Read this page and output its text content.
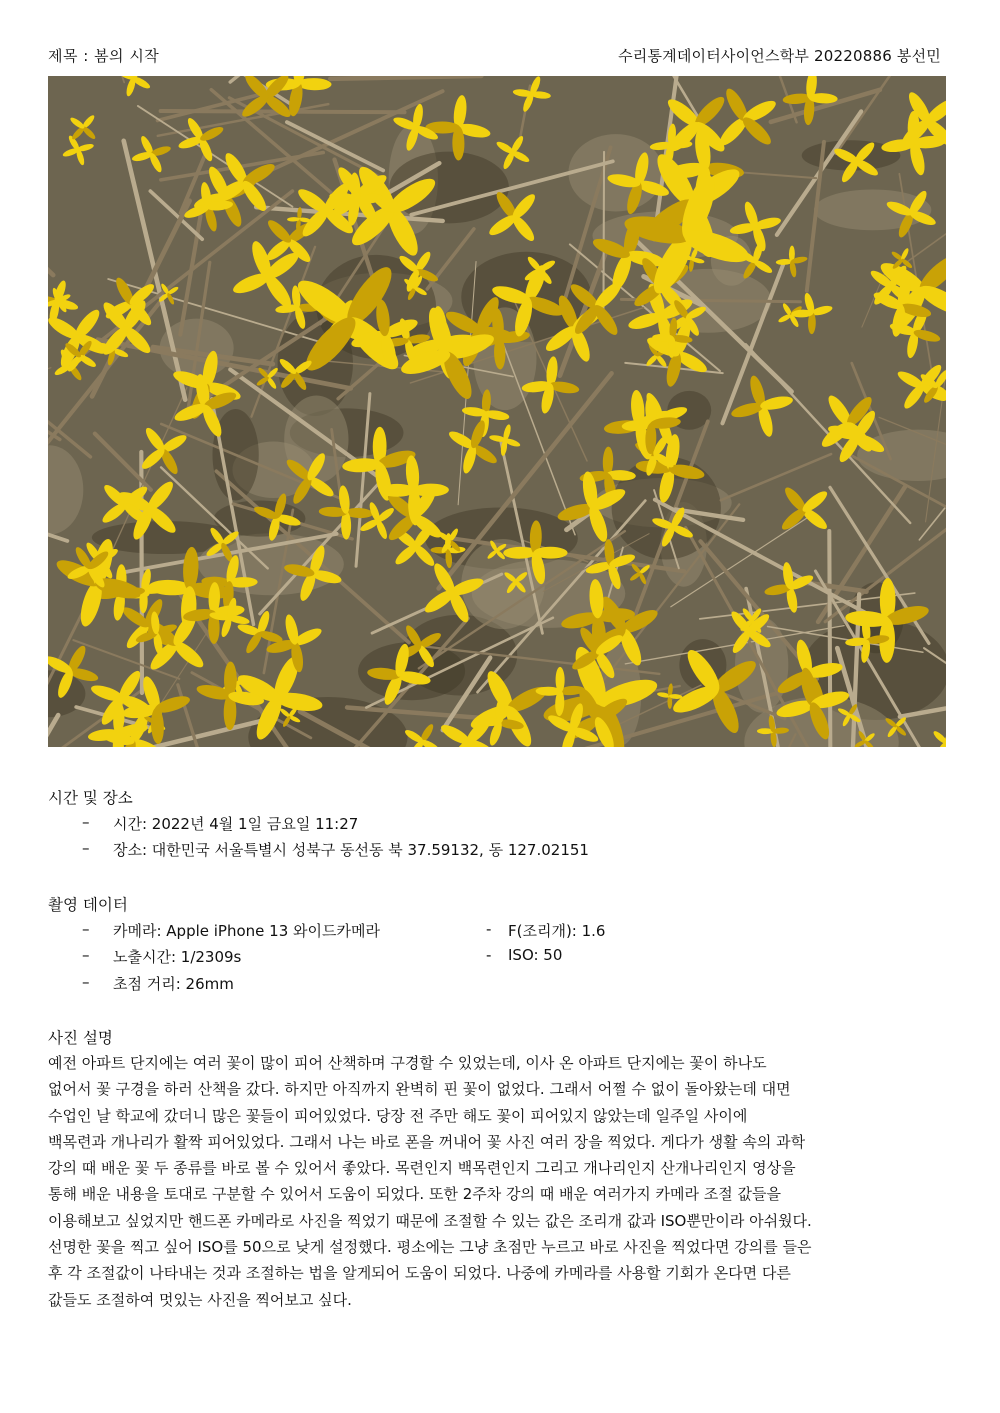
제목 : 봄의 시작	수리통계데이터사이언스학부 20220886 봉선민
시간 및 장소
– 시간: 2022년 4월 1일 금요일 11:27
– 장소: 대한민국 서울특별시 성북구 동선동 북 37.59132, 동 127.02151
촬영 데이터
– 카메라: Apple iPhone 13 와이드카메라
– 노출시간: 1/2309s
– 초점 거리: 26mm
- F(조리개): 1.6
- ISO: 50
사진 설명
예전 아파트 단지에는 여러 꽃이 많이 피어 산책하며 구경할 수 있었는데, 이사 온 아파트 단지에는 꽃이 하나도
없어서 꽃 구경을 하러 산책을 갔다. 하지만 아직까지 완벽히 핀 꽃이 없었다. 그래서 어쩔 수 없이 돌아왔는데 대면
수업인 날 학교에 갔더니 많은 꽃들이 피어있었다. 당장 전 주만 해도 꽃이 피어있지 않았는데 일주일 사이에
백목련과 개나리가 활짝 피어있었다. 그래서 나는 바로 폰을 꺼내어 꽃 사진 여러 장을 찍었다. 게다가 생활 속의 과학
강의 때 배운 꽃 두 종류를 바로 볼 수 있어서 좋았다. 목련인지 백목련인지 그리고 개나리인지 산개나리인지 영상을
통해 배운 내용을 토대로 구분할 수 있어서 도움이 되었다. 또한 2주차 강의 때 배운 여러가지 카메라 조절 값들을
이용해보고 싶었지만 핸드폰 카메라로 사진을 찍었기 때문에 조절할 수 있는 값은 조리개 값과 ISO뿐만이라 아쉬웠다.
선명한 꽃을 찍고 싶어 ISO를 50으로 낮게 설정했다. 평소에는 그냥 초점만 누르고 바로 사진을 찍었다면 강의를 들은
후 각 조절값이 나타내는 것과 조절하는 법을 알게되어 도움이 되었다. 나중에 카메라를 사용할 기회가 온다면 다른
값들도 조절하여 멋있는 사진을 찍어보고 싶다.
